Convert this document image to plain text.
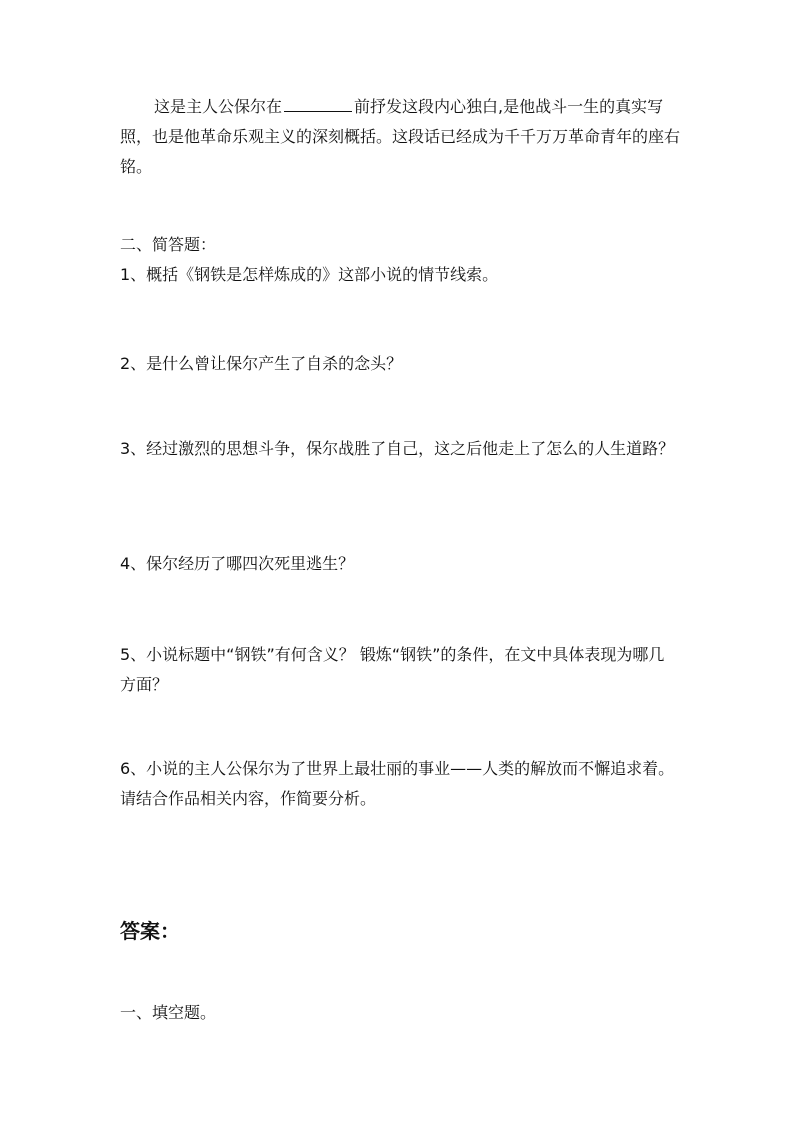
这是主人公保尔在	前抒发这段内心独白,是他战斗一生的真实写照，也是他革命乐观主义的深刻概括。这段话已经成为千千万万革命青年的座右铭。

二、简答题：

1、概括《钢铁是怎样炼成的》这部小说的情节线索。

2、是什么曾让保尔产生了自杀的念头？

3、经过激烈的思想斗争，保尔战胜了自己，这之后他走上了怎么的人生道路？

4、保尔经历了哪四次死里逃生？

5、小说标题中“钢铁”有何含义？ 锻炼“钢铁”的条件，在文中具体表现为哪几方面？

6、小说的主人公保尔为了世界上最壮丽的事业——人类的解放而不懈追求着。 请结合作品相关内容，作简要分析。

答案：

一、填空题。
